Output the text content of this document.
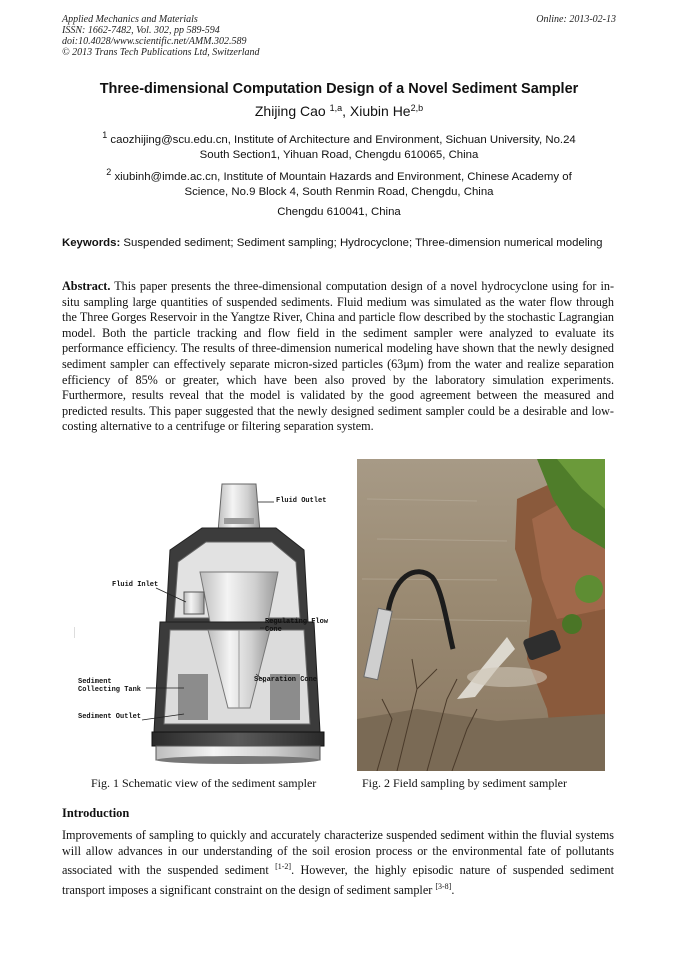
Applied Mechanics and Materials
ISSN: 1662-7482, Vol. 302, pp 589-594
doi:10.4028/www.scientific.net/AMM.302.589
© 2013 Trans Tech Publications Ltd, Switzerland
Online: 2013-02-13
Three-dimensional Computation Design of a Novel Sediment Sampler
Zhijing Cao $^{1,a}$, Xiubin He$^{2,b}$
$^1$ caozhijing@scu.edu.cn, Institute of Architecture and Environment, Sichuan University, No.24
South Section1, Yihuan Road, Chengdu 610065, China
$^2$ xiubinh@imde.ac.cn, Institute of Mountain Hazards and Environment, Chinese Academy of
Science, No.9 Block 4, South Renmin Road, Chengdu, China
Chengdu 610041, China
Keywords: Suspended sediment; Sediment sampling; Hydrocyclone; Three-dimension numerical modeling
Abstract. This paper presents the three-dimensional computation design of a novel hydrocyclone using for in-situ sampling large quantities of suspended sediments. Fluid medium was simulated as the water flow through the Three Gorges Reservoir in the Yangtze River, China and particle flow described by the stochastic Lagrangian model. Both the particle tracking and flow field in the sediment sampler were analyzed to evaluate its performance efficiency. The results of three-dimension numerical modeling have shown that the newly designed sediment sampler can effectively separate micron-sized particles (63μm) from the water and realize separation efficiency of 85% or greater, which have been also proved by the laboratory simulation experiments. Furthermore, results reveal that the model is validated by the good agreement between the measured and predicted results. This paper suggested that the newly designed sediment sampler could be a desirable and low-costing alternative to a centrifuge or filtering separation system.
Fluid Outlet
Fluid Inlet
Regulating Flow
Cone
Separation Cone
Sediment
Collecting Tank
Sediment Outlet
Fig. 1 Schematic view of the sediment sampler	Fig. 2 Field sampling by sediment sampler
Introduction
Improvements of sampling to quickly and accurately characterize suspended sediment within the fluvial systems will allow advances in our understanding of the soil erosion process or the environmental fate of pollutants associated with the suspended sediment [1-2]. However, the highly episodic nature of suspended sediment transport imposes a significant constraint on the design of sediment sampler [3-8].
